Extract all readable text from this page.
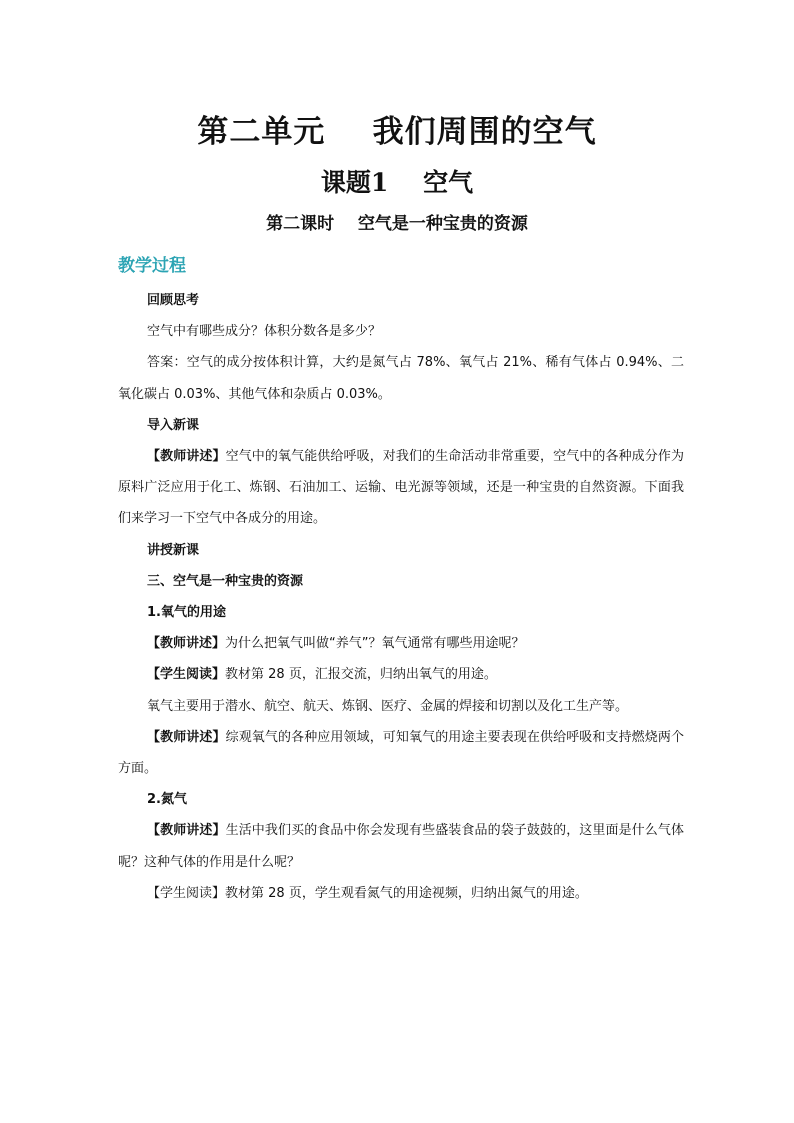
第二单元    我们周围的空气
课题1    空气
第二课时    空气是一种宝贵的资源
教学过程

回顾思考

空气中有哪些成分？体积分数各是多少？

答案：空气的成分按体积计算，大约是氮气占 78%、氧气占 21%、稀有气体占 0.94%、二氧化碳占 0.03%、其他气体和杂质占 0.03%。

导入新课

【教师讲述】空气中的氧气能供给呼吸，对我们的生命活动非常重要，空气中的各种成分作为原料广泛应用于化工、炼钢、石油加工、运输、电光源等领域，还是一种宝贵的自然资源。下面我们来学习一下空气中各成分的用途。

讲授新课

三、空气是一种宝贵的资源

1.氧气的用途

【教师讲述】为什么把氧气叫做“养气”？氧气通常有哪些用途呢？

【学生阅读】教材第 28 页，汇报交流，归纳出氧气的用途。

氧气主要用于潜水、航空、航天、炼钢、医疗、金属的焊接和切割以及化工生产等。

【教师讲述】综观氧气的各种应用领域，可知氧气的用途主要表现在供给呼吸和支持燃烧两个方面。

2.氮气

【教师讲述】生活中我们买的食品中你会发现有些盛装食品的袋子鼓鼓的，这里面是什么气体呢？这种气体的作用是什么呢？

【学生阅读】教材第 28 页，学生观看氮气的用途视频，归纳出氮气的用途。
